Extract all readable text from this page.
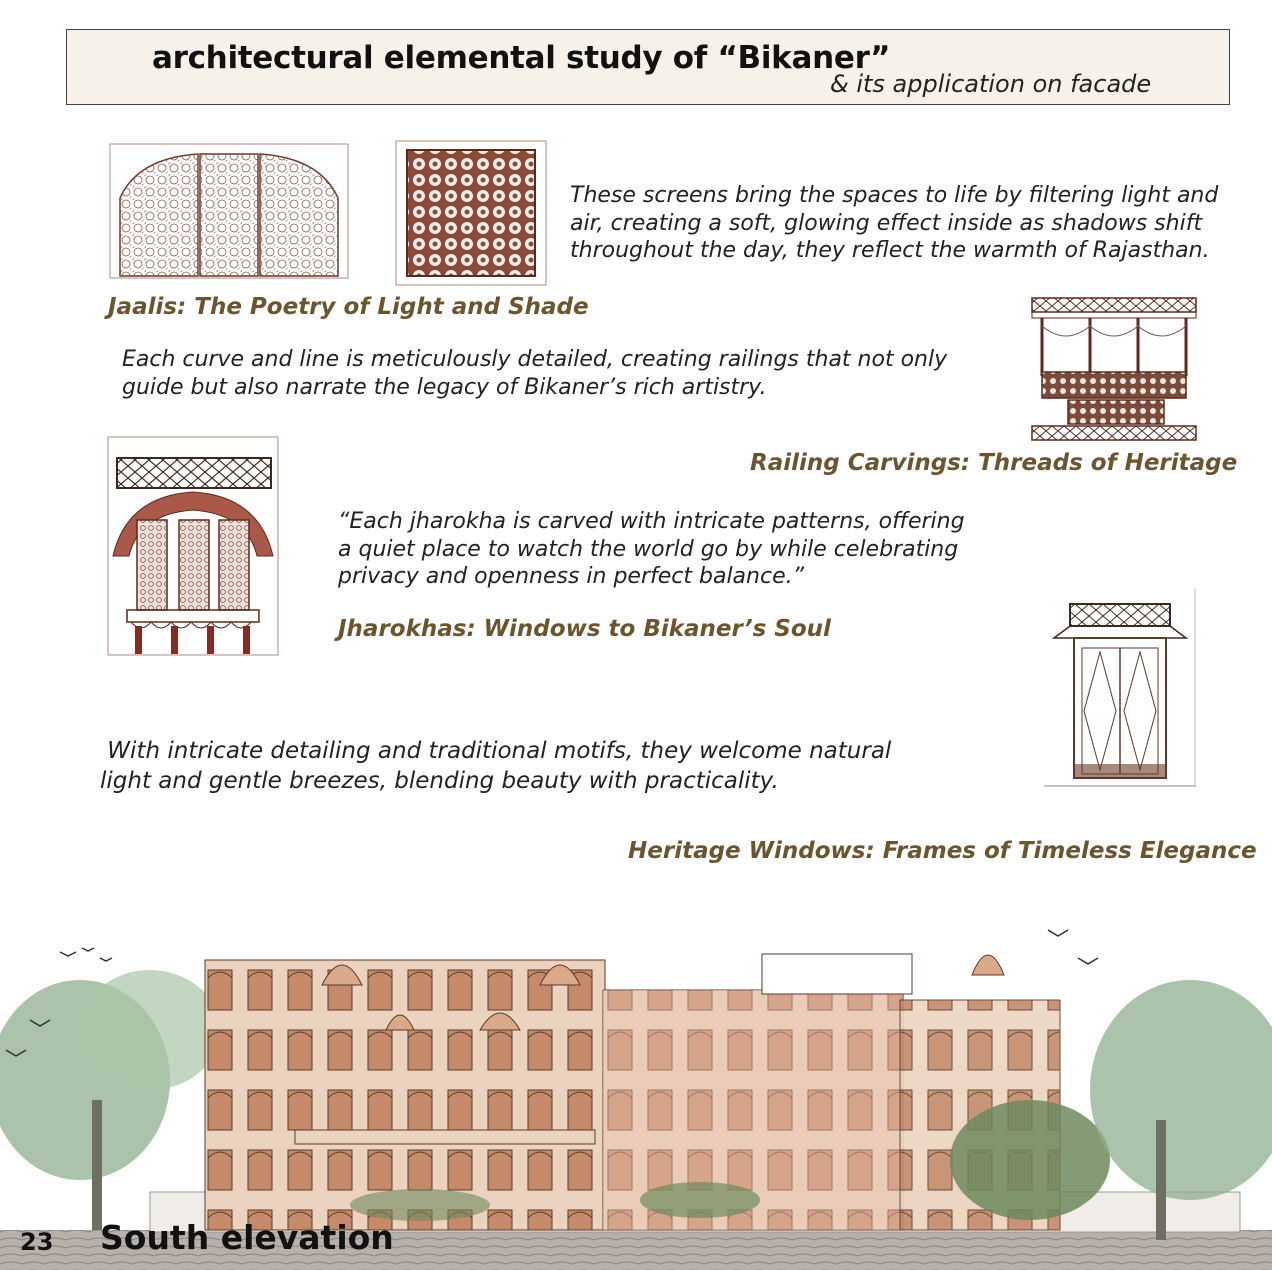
architectural elemental study of “Bikaner”
& its application on facade
These screens bring the spaces to life by filtering light and
air, creating a soft, glowing effect inside as shadows shift
throughout the day, they reflect the warmth of Rajasthan.
Jaalis: The Poetry of Light and Shade
Each curve and line is meticulously detailed, creating railings that not only
guide but also narrate the legacy of Bikaner’s rich artistry.
Railing Carvings: Threads of Heritage
“Each jharokha is carved with intricate patterns, offering
a quiet place to watch the world go by while celebrating
privacy and openness in perfect balance.”
Jharokhas: Windows to Bikaner’s Soul
With intricate detailing and traditional motifs, they welcome natural
light and gentle breezes, blending beauty with practicality.
Heritage Windows: Frames of Timeless Elegance
23 South elevation
